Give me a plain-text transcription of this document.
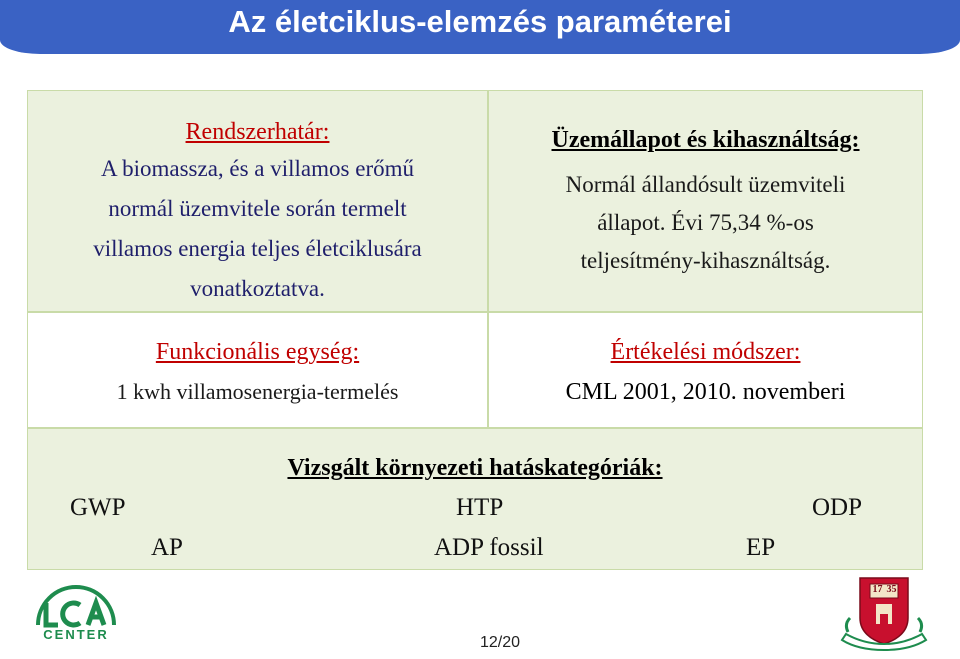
Az életciklus-elemzés paraméterei
Rendszerhatár:
A biomassza, és a villamos erőmű
normál üzemvitele során termelt
villamos energia teljes életciklusára
vonatkoztatva.
Üzemállapot és kihasználtság:
Normál állandósult üzemviteli
állapot. Évi 75,34 %-os
teljesítmény-kihasználtság.
Funkcionális egység:
1 kwh villamosenergia-termelés
Értékelési módszer:
CML 2001, 2010. novemberi
Vizsgált környezeti hatáskategóriák:
GWP	HTP	ODP
AP	ADP fossil	EP
CENTER
17 35
12/20
